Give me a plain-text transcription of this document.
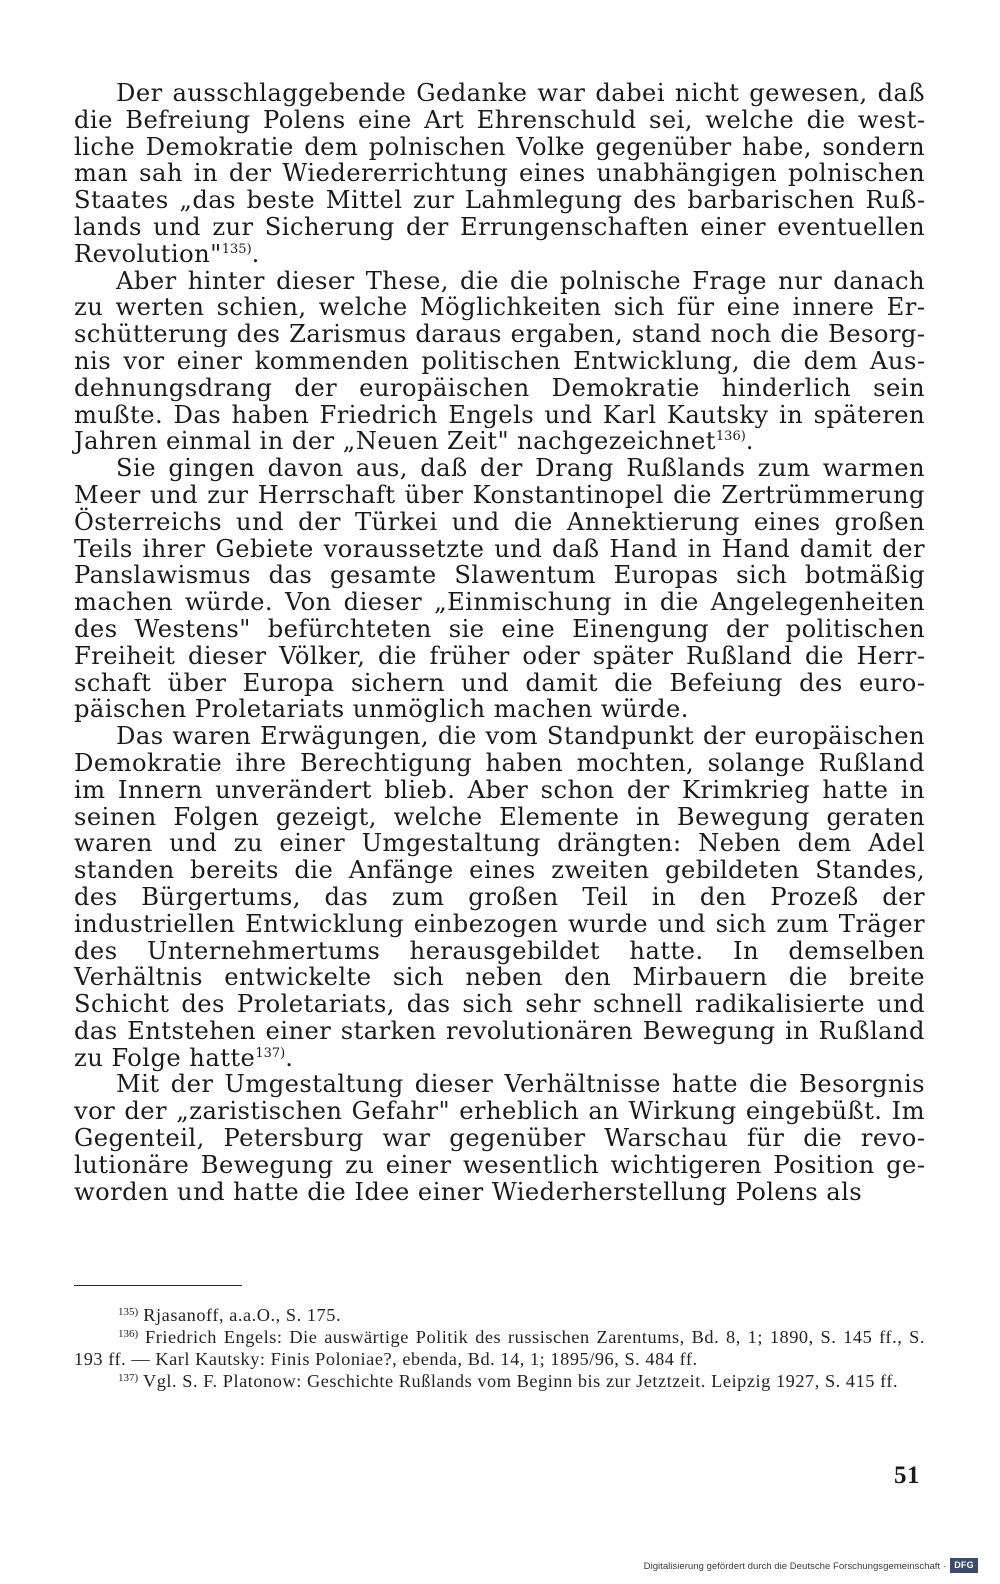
Der ausschlaggebende Gedanke war dabei nicht gewesen, daß die Befreiung Polens eine Art Ehrenschuld sei, welche die westliche Demokratie dem polnischen Volke gegenüber habe, sondern man sah in der Wiedererrichtung eines unabhängigen polnischen Staates „das beste Mittel zur Lahmlegung des barbarischen Rußlands und zur Sicherung der Errungenschaften einer eventuellen Revolution"$^{135)}$.

Aber hinter dieser These, die die polnische Frage nur danach zu werten schien, welche Möglichkeiten sich für eine innere Erschütterung des Zarismus daraus ergaben, stand noch die Besorgnis vor einer kommenden politischen Entwicklung, die dem Ausdehnungsdrang der europäischen Demokratie hinderlich sein mußte. Das haben Friedrich Engels und Karl Kautsky in späteren Jahren einmal in der „Neuen Zeit" nachgezeichnet$^{136)}$.

Sie gingen davon aus, daß der Drang Rußlands zum warmen Meer und zur Herrschaft über Konstantinopel die Zertrümmerung Österreichs und der Türkei und die Annektierung eines großen Teils ihrer Gebiete voraussetzte und daß Hand in Hand damit der Panslawismus das gesamte Slawentum Europas sich botmäßig machen würde. Von dieser „Einmischung in die Angelegenheiten des Westens" befürchteten sie eine Einengung der politischen Freiheit dieser Völker, die früher oder später Rußland die Herrschaft über Europa sichern und damit die Befeiung des europäischen Proletariats unmöglich machen würde.

Das waren Erwägungen, die vom Standpunkt der europäischen Demokratie ihre Berechtigung haben mochten, solange Rußland im Innern unverändert blieb. Aber schon der Krimkrieg hatte in seinen Folgen gezeigt, welche Elemente in Bewegung geraten waren und zu einer Umgestaltung drängten: Neben dem Adel standen bereits die Anfänge eines zweiten gebildeten Standes, des Bürgertums, das zum großen Teil in den Prozeß der industriellen Entwicklung einbezogen wurde und sich zum Träger des Unternehmertums herausgebildet hatte. In demselben Verhältnis entwickelte sich neben den Mirbauern die breite Schicht des Proletariats, das sich sehr schnell radikalisierte und das Entstehen einer starken revolutionären Bewegung in Rußland zu Folge hatte$^{137)}$.

Mit der Umgestaltung dieser Verhältnisse hatte die Besorgnis vor der „zaristischen Gefahr" erheblich an Wirkung eingebüßt. Im Gegenteil, Petersburg war gegenüber Warschau für die revolutionäre Bewegung zu einer wesentlich wichtigeren Position geworden und hatte die Idee einer Wiederherstellung Polens als

$^{135)}$ Rjasanoff, a.a.O., S. 175.

$^{136)}$ Friedrich Engels: Die auswärtige Politik des russischen Zarentums, Bd. 8, 1; 1890, S. 145 ff., S. 193 ff. — Karl Kautsky: Finis Poloniae?, ebenda, Bd. 14, 1; 1895/96, S. 484 ff.

$^{137)}$ Vgl. S. F. Platonow: Geschichte Rußlands vom Beginn bis zur Jetztzeit. Leipzig 1927, S. 415 ff.

51
Digitalisierung gefördert durch die Deutsche Forschungsgemeinschaft · DFG
